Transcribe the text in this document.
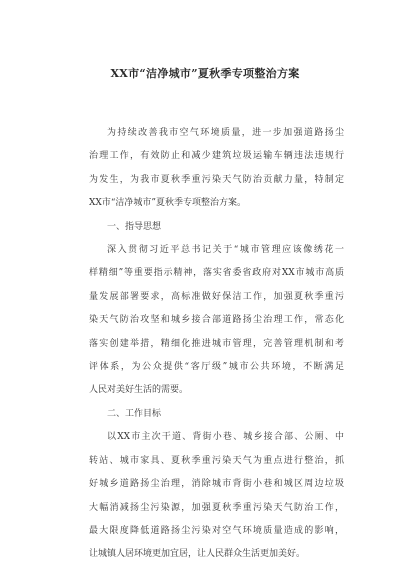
XX市“洁净城市”夏秋季专项整治方案

为持续改善我市空气环境质量，进一步加强道路扬尘

治理工作，有效防止和减少建筑垃圾运输车辆违法违规行

为发生，为我市夏秋季重污染天气防治贡献力量，特制定

XX市“洁净城市”夏秋季专项整治方案。

一、指导思想

深入贯彻习近平总书记关于“城市管理应该像绣花一

样精细”等重要指示精神，落实省委省政府对XX市城市高质

量发展部署要求，高标准做好保洁工作，加强夏秋季重污

染天气防治攻坚和城乡接合部道路扬尘治理工作，常态化

落实创建举措，精细化推进城市管理，完善管理机制和考

评体系，为公众提供“客厅级”城市公共环境，不断满足

人民对美好生活的需要。

二、工作目标

以XX市主次干道、背街小巷、城乡接合部、公厕、中

转站、城市家具、夏秋季重污染天气为重点进行整治，抓

好城乡道路扬尘治理，消除城市背街小巷和城区周边垃圾

大幅消减扬尘污染源，加强夏秋季重污染天气防治工作，

最大限度降低道路扬尘污染对空气环境质量造成的影响，

让城镇人居环境更加宜居，让人民群众生活更加美好。
